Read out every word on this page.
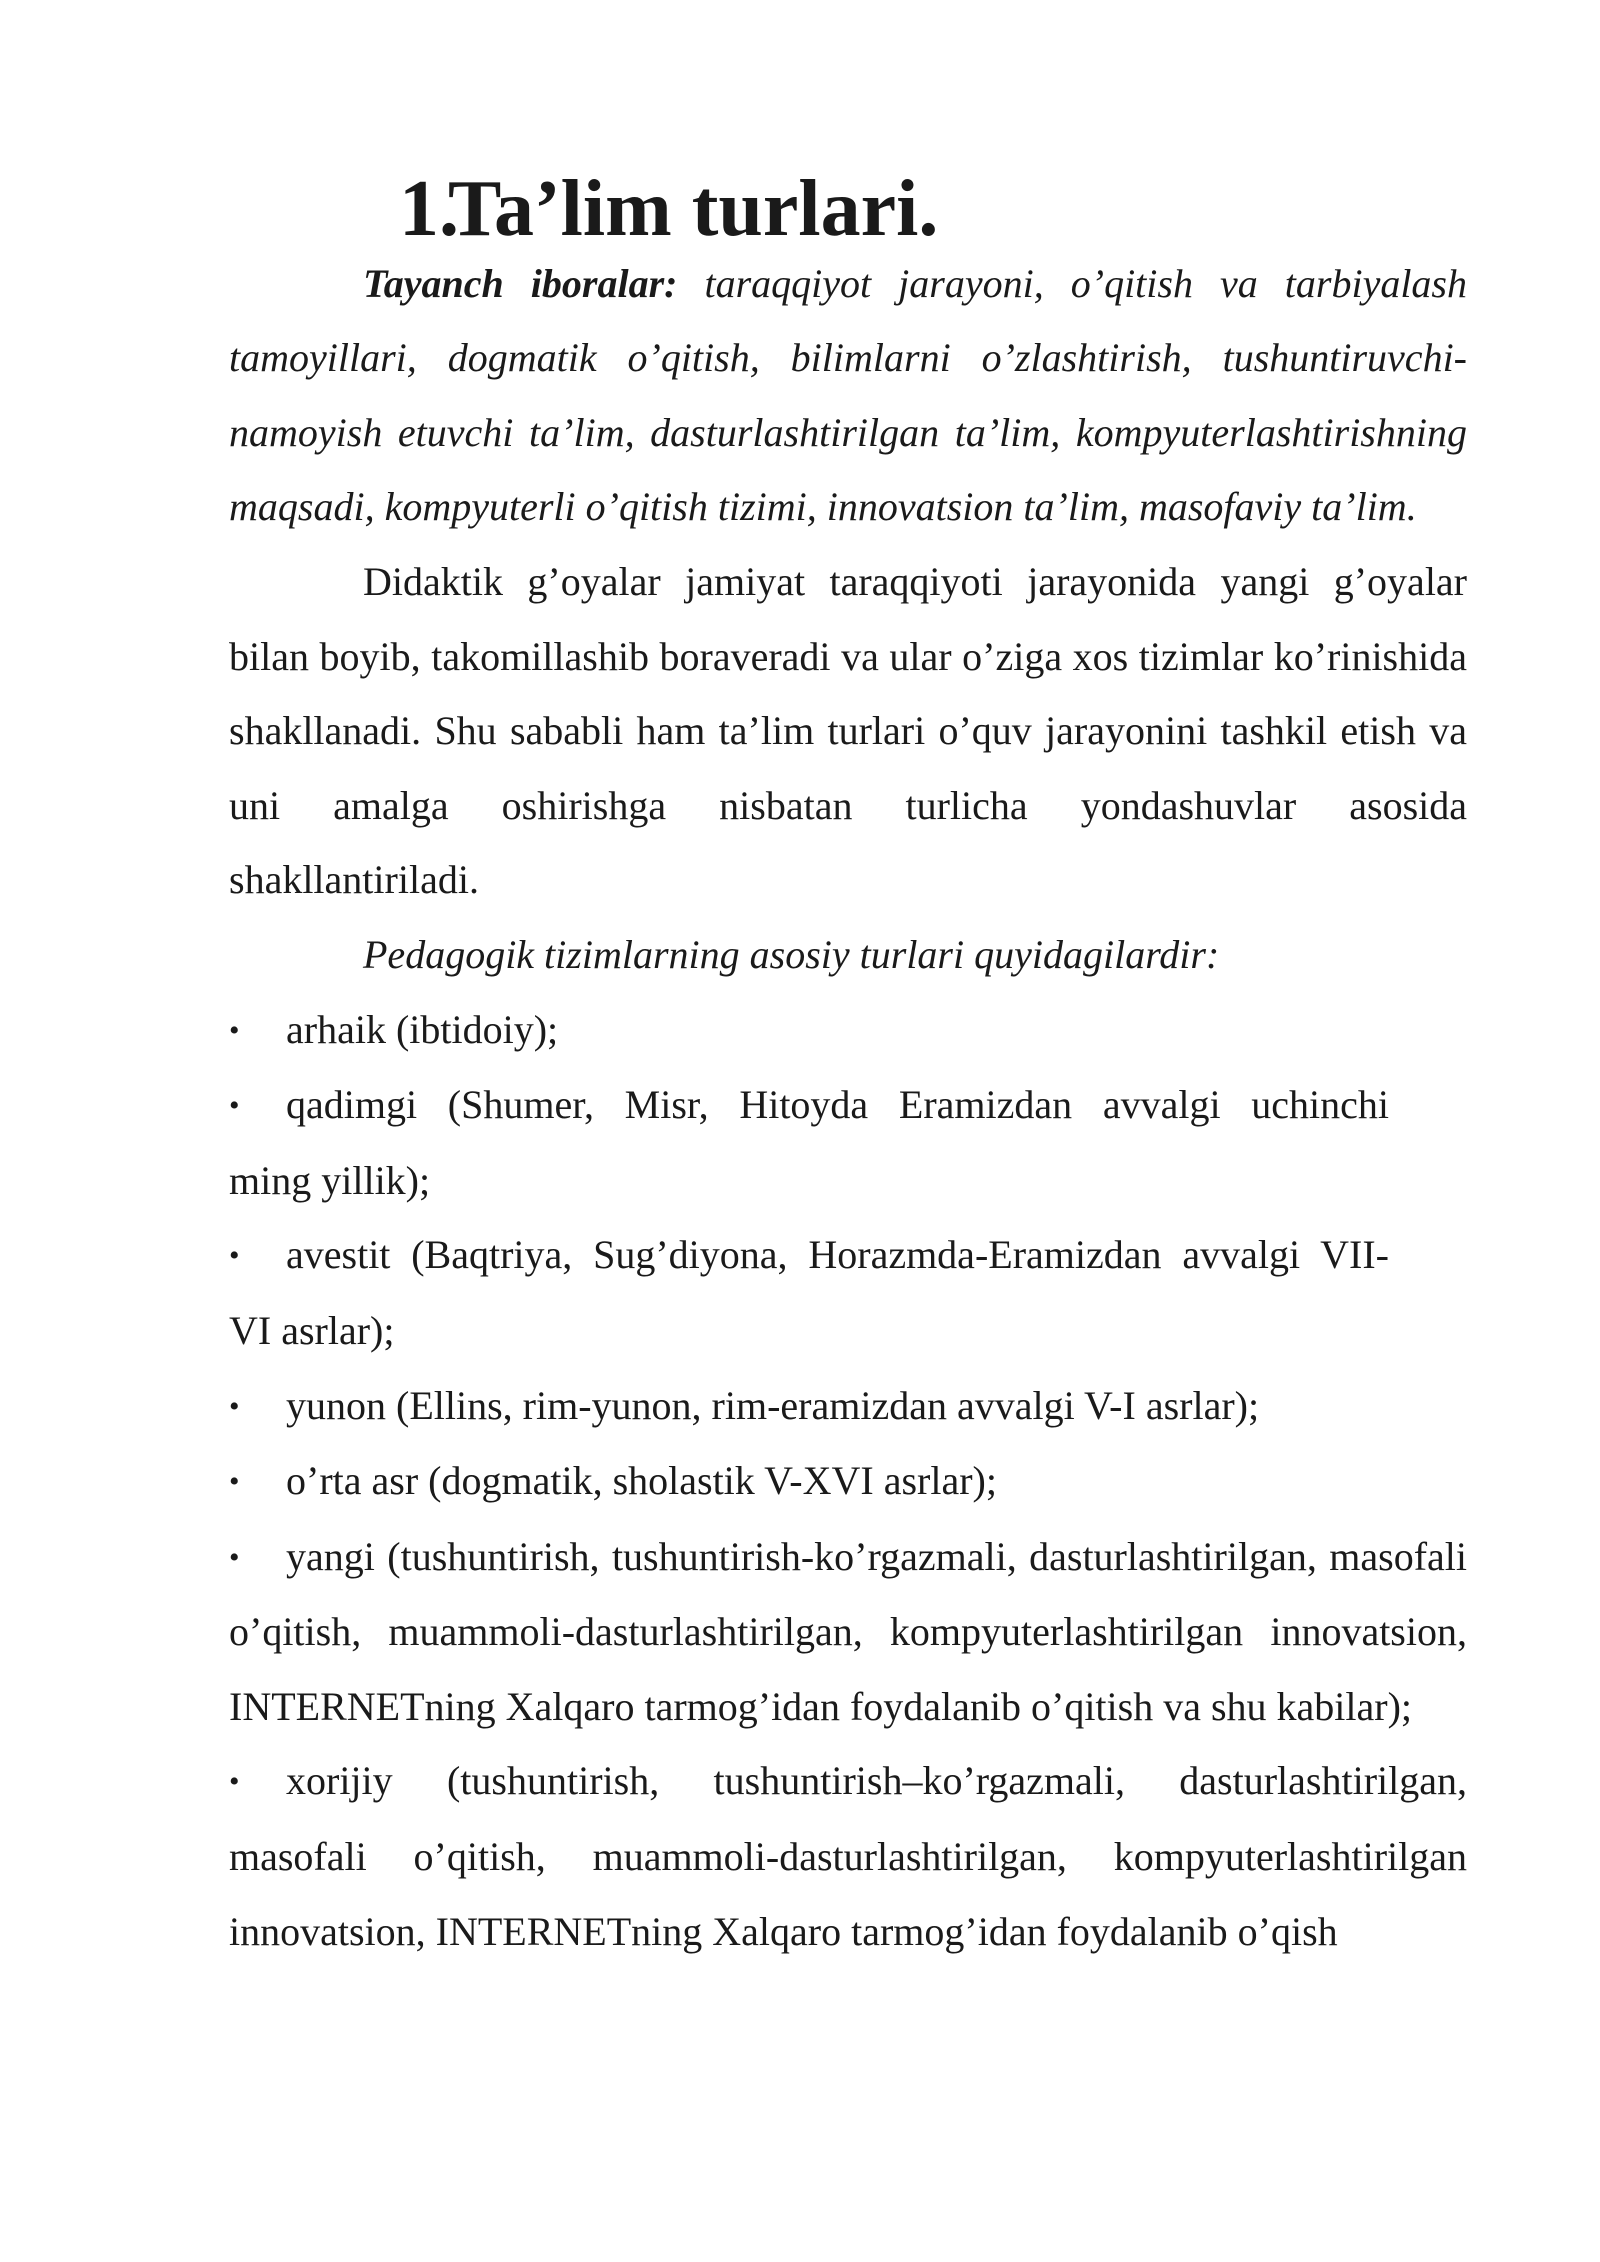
1.
Ta’lim turlari.

Tayanch iboralar: taraqqiyot jarayoni, o’qitish va tarbiyalash tamoyillari, dogmatik o’qitish, bilimlarni o’zlashtirish, tushuntiruvchi-namoyish etuvchi ta’lim, dasturlashtirilgan ta’lim, kompyuterlashtirishning maqsadi, kompyuterli o’qitish tizimi, innovatsion ta’lim, masofaviy ta’lim.

Didaktik g’oyalar jamiyat taraqqiyoti jarayonida yangi g’oyalar bilan boyib, takomillashib boraveradi va ular o’ziga xos tizimlar ko’rinishida shakllanadi. Shu sababli ham ta’lim turlari o’quv jarayonini tashkil etish va uni amalga oshirishga nisbatan turlicha yondashuvlar asosida shakllantiriladi.

Pedagogik tizimlarning asosiy turlari quyidagilardir:

• arhaik (ibtidoiy);
• qadimgi (Shumer, Misr, Hitoyda Eramizdan avvalgi uchinchi
ming yillik);
• avestit (Baqtriya, Sug’diyona, Horazmda-Eramizdan avvalgi VII-
VI asrlar);
• yunon (Ellins, rim-yunon, rim-eramizdan avvalgi V-I asrlar);
• o’rta asr (dogmatik, sholastik V-XVI asrlar);
• yangi (tushuntirish, tushuntirish-ko’rgazmali, dasturlashtirilgan, masofali o’qitish, muammoli-dasturlashtirilgan, kompyuterlashtirilgan innovatsion, INTERNETning Xalqaro tarmog’idan foydalanib o’qitish va shu kabilar);
• xorijiy (tushuntirish, tushuntirish–ko’rgazmali, dasturlashtirilgan, masofali o’qitish, muammoli-dasturlashtirilgan, kompyuterlashtirilgan innovatsion, INTERNETning Xalqaro tarmog’idan foydalanib o’qish
